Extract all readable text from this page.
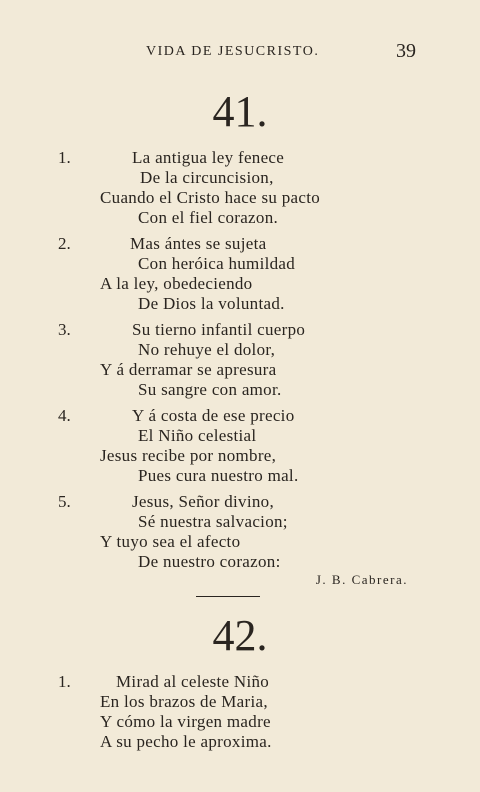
VIDA DE JESUCRISTO.	39
41.
1.	La antigua ley fenece
De la circuncision,
Cuando el Cristo hace su pacto
Con el fiel corazon.
2.	Mas ántes se sujeta
Con heróica humildad
A la ley, obedeciendo
De Dios la voluntad.
3.	Su tierno infantil cuerpo
No rehuye el dolor,
Y á derramar se apresura
Su sangre con amor.
4.	Y á costa de ese precio
El Niño celestial
Jesus recibe por nombre,
Pues cura nuestro mal.
5.	Jesus, Señor divino,
Sé nuestra salvacion;
Y tuyo sea el afecto
De nuestro corazon:
J. B. Cabrera.
42.
1.	Mirad al celeste Niño
En los brazos de Maria,
Y cómo la virgen madre
A su pecho le aproxima.
